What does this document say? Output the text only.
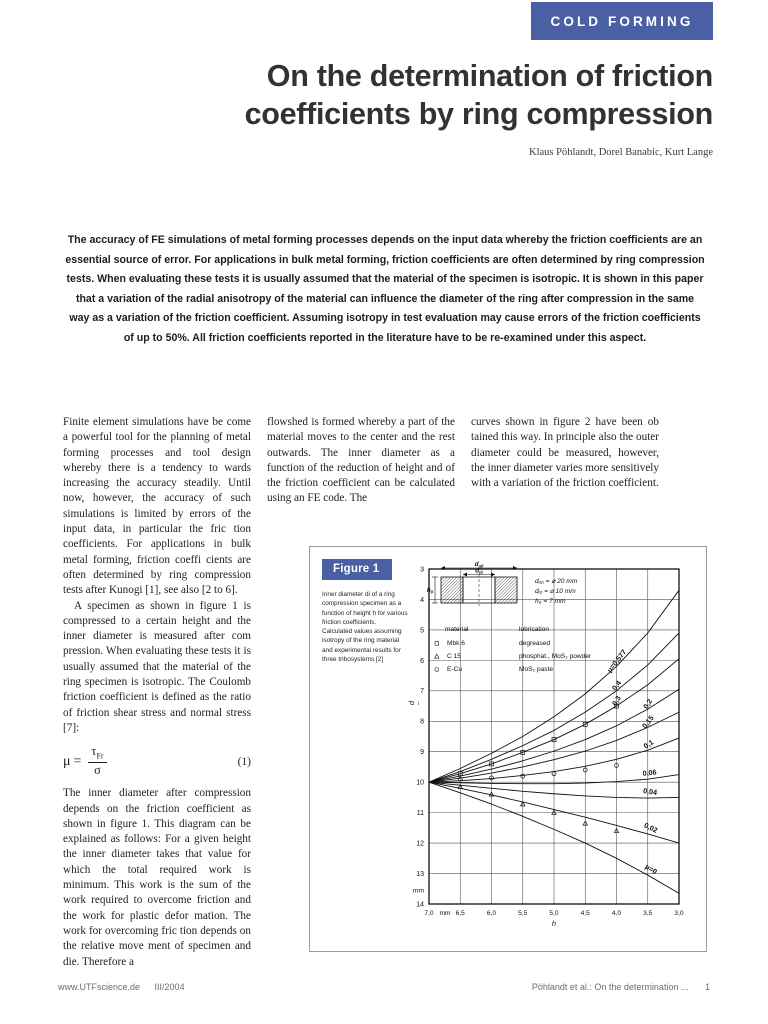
COLD FORMING
On the determination of friction
coefficients by ring compression
Klaus Pöhlandt, Dorel Banabic, Kurt Lange
The accuracy of FE simulations of metal forming processes depends on the input data whereby the friction coefficients are an essential source of error. For applications in bulk metal forming, friction coefficients are often determined by ring compression tests. When evaluating these tests it is usually assumed that the material of the specimen is isotropic. It is shown in this paper that a variation of the radial anisotropy of the material can influence the diameter of the ring after compression in the same way as a variation of the friction coefficient. Assuming isotropy in test evaluation may cause errors of the friction coefficients of up to 50%. All friction coefficients reported in the literature have to be re-examined under this aspect.

Finite element simulations have be come a powerful tool for the planning of metal forming processes and tool design whereby there is a tendency to wards increasing the accuracy steadily. Until now, however, the accuracy of such simulations is limited by errors of the input data, in particular the fric tion coefficients. For applications in bulk metal forming, friction coeffi cients are often determined by ring compression tests after Kunogi [1], see also [2 to 6].

A specimen as shown in figure 1 is compressed to a certain height and the inner diameter is measured after com pression. When evaluating these tests it is usually assumed that the material of the ring specimen is isotropic. The Coulomb friction coefficient is defined as the ratio of friction shear stress and normal stress [7]:

$\mu = \frac{\tau_{Fr}}{\sigma}$	(1)

The inner diameter after compression depends on the friction coefficient as shown in figure 1. This diagram can be explained as follows: For a given height the inner diameter takes that value for which the total required work is minimum. This work is the sum of the work required to overcome friction and the work for plastic defor mation. The work for overcoming fric tion depends on the relative move ment of specimen and die. Therefore a

flowshed is formed whereby a part of the material moves to the center and the rest outwards. The inner diameter as a function of the reduction of height and of the friction coefficient can be calculated using an FE code. The

curves shown in figure 2 have been ob tained this way. In principle also the outer diameter could be measured, however, the inner diameter varies more sensitively with a variation of the friction coefficient.

Figure 1
Inner diameter di of a ring compression specimen as a function of height h for various friction coefficients. Calculated values assuming isotropy of the ring material and experimental results for three tribosystems [2]
7,0	6,5	6,0	5,5	5,0	4,5	4,0	3,5	3,0
mm
3
4
5
6
7
8
9
10
11
12
13
14
mm
h
d i
μ=0,577
0,4
0,3	0,2
0,15
0,1
0,06
0,04
0,02
μ=0
$d_{a0}$
$d_{i0}$
$h_0$
dₐ₀ = ⌀ 20 mm
dᵢ₀ = ⌀ 10 mm
h₀ = 7 mm
material	lubrication
Mbk 6	degreased
C 15	phosphat., MoS₂ powder
E-Cu	MoS₂ paste
www.UTFscience.de III/2004	Pöhlandt et al.: On the determination ... 1
